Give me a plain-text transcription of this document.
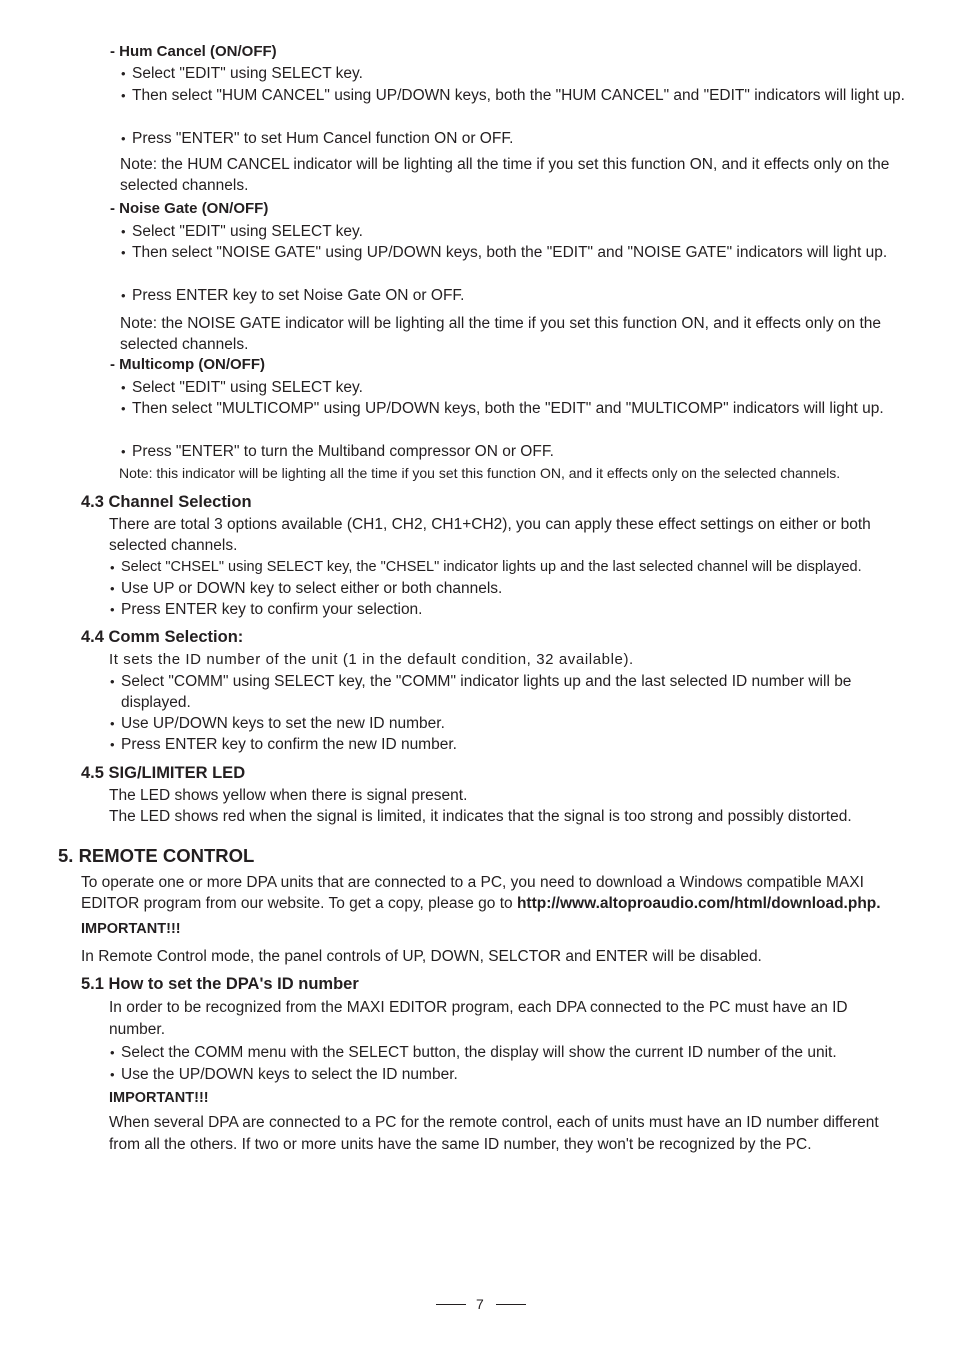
- Hum Cancel (ON/OFF)
• Select "EDIT" using SELECT key.
• Then select "HUM CANCEL" using UP/DOWN keys, both the "HUM CANCEL" and "EDIT" indicators will light up.
• Press "ENTER" to set Hum Cancel function ON or OFF.
Note: the HUM CANCEL indicator will be lighting all the time if you set this function ON, and it effects only on the selected channels.
- Noise Gate (ON/OFF)
• Select "EDIT" using SELECT key.
• Then select "NOISE GATE" using UP/DOWN keys, both the "EDIT" and "NOISE GATE" indicators will light up.
• Press ENTER key to set Noise Gate ON or OFF.
Note: the NOISE GATE indicator will be lighting all the time if you set this function ON, and it effects only on the selected channels.
- Multicomp (ON/OFF)
• Select "EDIT" using SELECT key.
• Then select "MULTICOMP" using UP/DOWN keys, both the "EDIT" and "MULTICOMP" indicators will light up.
• Press "ENTER" to turn the Multiband compressor ON or OFF.
Note: this indicator will be lighting all the time if you set this function ON, and it effects only on the selected channels.
4.3 Channel Selection
There are total 3 options available (CH1, CH2, CH1+CH2), you can apply these effect settings on either or both selected channels.
• Select "CHSEL" using SELECT key, the "CHSEL" indicator lights up and the last selected channel will be displayed.
• Use UP or DOWN key to select either or both channels.
• Press ENTER key to confirm your selection.
4.4 Comm Selection:
It sets the ID number of the unit (1 in the default condition, 32 available).
• Select "COMM" using SELECT key, the "COMM" indicator lights up and the last selected ID number will be displayed.
• Use UP/DOWN keys to set the new ID number.
• Press ENTER key to confirm the new ID number.
4.5 SIG/LIMITER LED
The LED shows yellow when there is signal present.
The LED shows red when the signal is limited, it indicates that the signal is too strong and possibly distorted.
5. REMOTE CONTROL
To operate one or more DPA units that are connected to a PC, you need to download a Windows compatible MAXI EDITOR program from our website. To get a copy, please go to http://www.altoproaudio.com/html/download.php.
IMPORTANT!!!
In Remote Control mode, the panel controls of UP, DOWN, SELCTOR and ENTER will be disabled.
5.1 How to set the DPA's ID number
In order to be recognized from the MAXI EDITOR program, each DPA connected to the PC must have an ID number.
• Select the COMM menu with the SELECT button, the display will show the current ID number of the unit.
• Use the UP/DOWN keys to select the ID number.
IMPORTANT!!!
When several DPA are connected to a PC for the remote control, each of units must have an ID number different from all the others. If two or more units have the same ID number, they won't be recognized by the PC.
7
